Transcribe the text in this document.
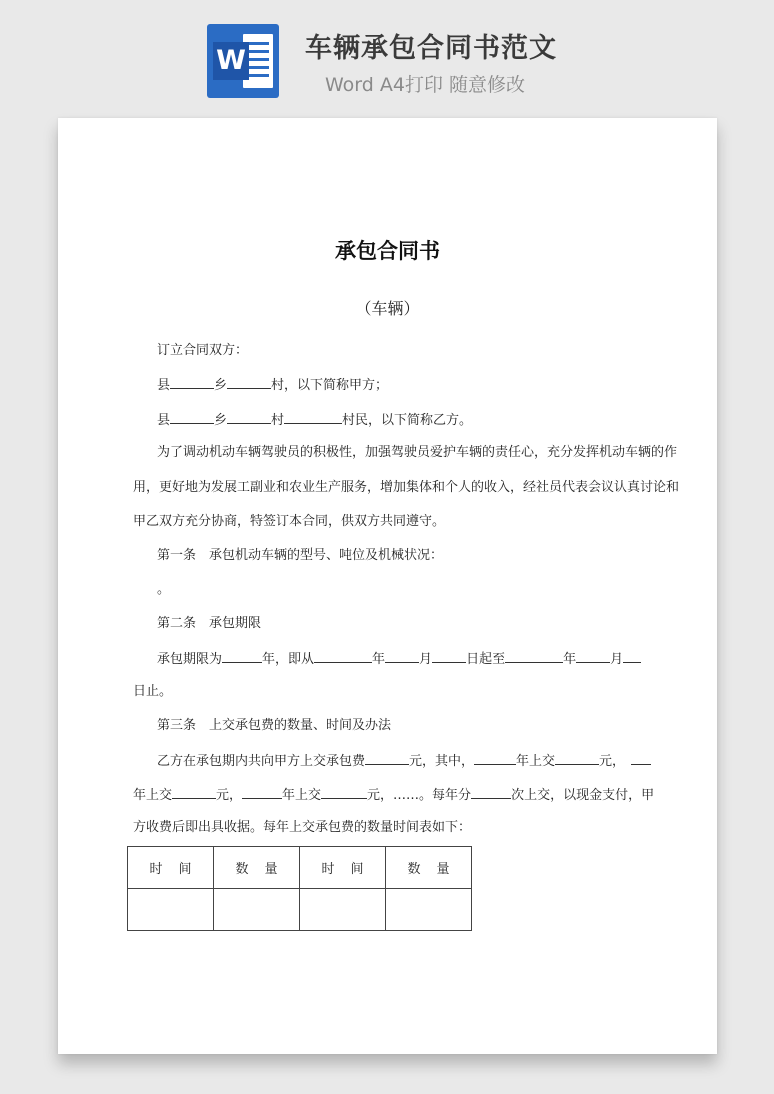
W 车辆承包合同书范文
Word A4打印 随意修改

承包合同书
（车辆）
订立合同双方：
县	乡	村，以下简称甲方；
县	乡	村	村民，以下简称乙方。
为了调动机动车辆驾驶员的积极性，加强驾驶员爱护车辆的责任心，充分发挥机动车辆的作
用，更好地为发展工副业和农业生产服务，增加集体和个人的收入，经社员代表会议认真讨论和
甲乙双方充分协商，特签订本合同，供双方共同遵守。
第一条　承包机动车辆的型号、吨位及机械状况：
。
第二条　承包期限
承包期限为	年，即从	年	月	日起至	年	月
日止。
第三条　上交承包费的数量、时间及办法
乙方在承包期内共向甲方上交承包费	元，其中，	年上交	元，
年上交	元，	年上交	元，……。每年分	次上交，以现金支付，甲
方收费后即出具收据。每年上交承包费的数量时间表如下：
时间	数量	时间	数量
